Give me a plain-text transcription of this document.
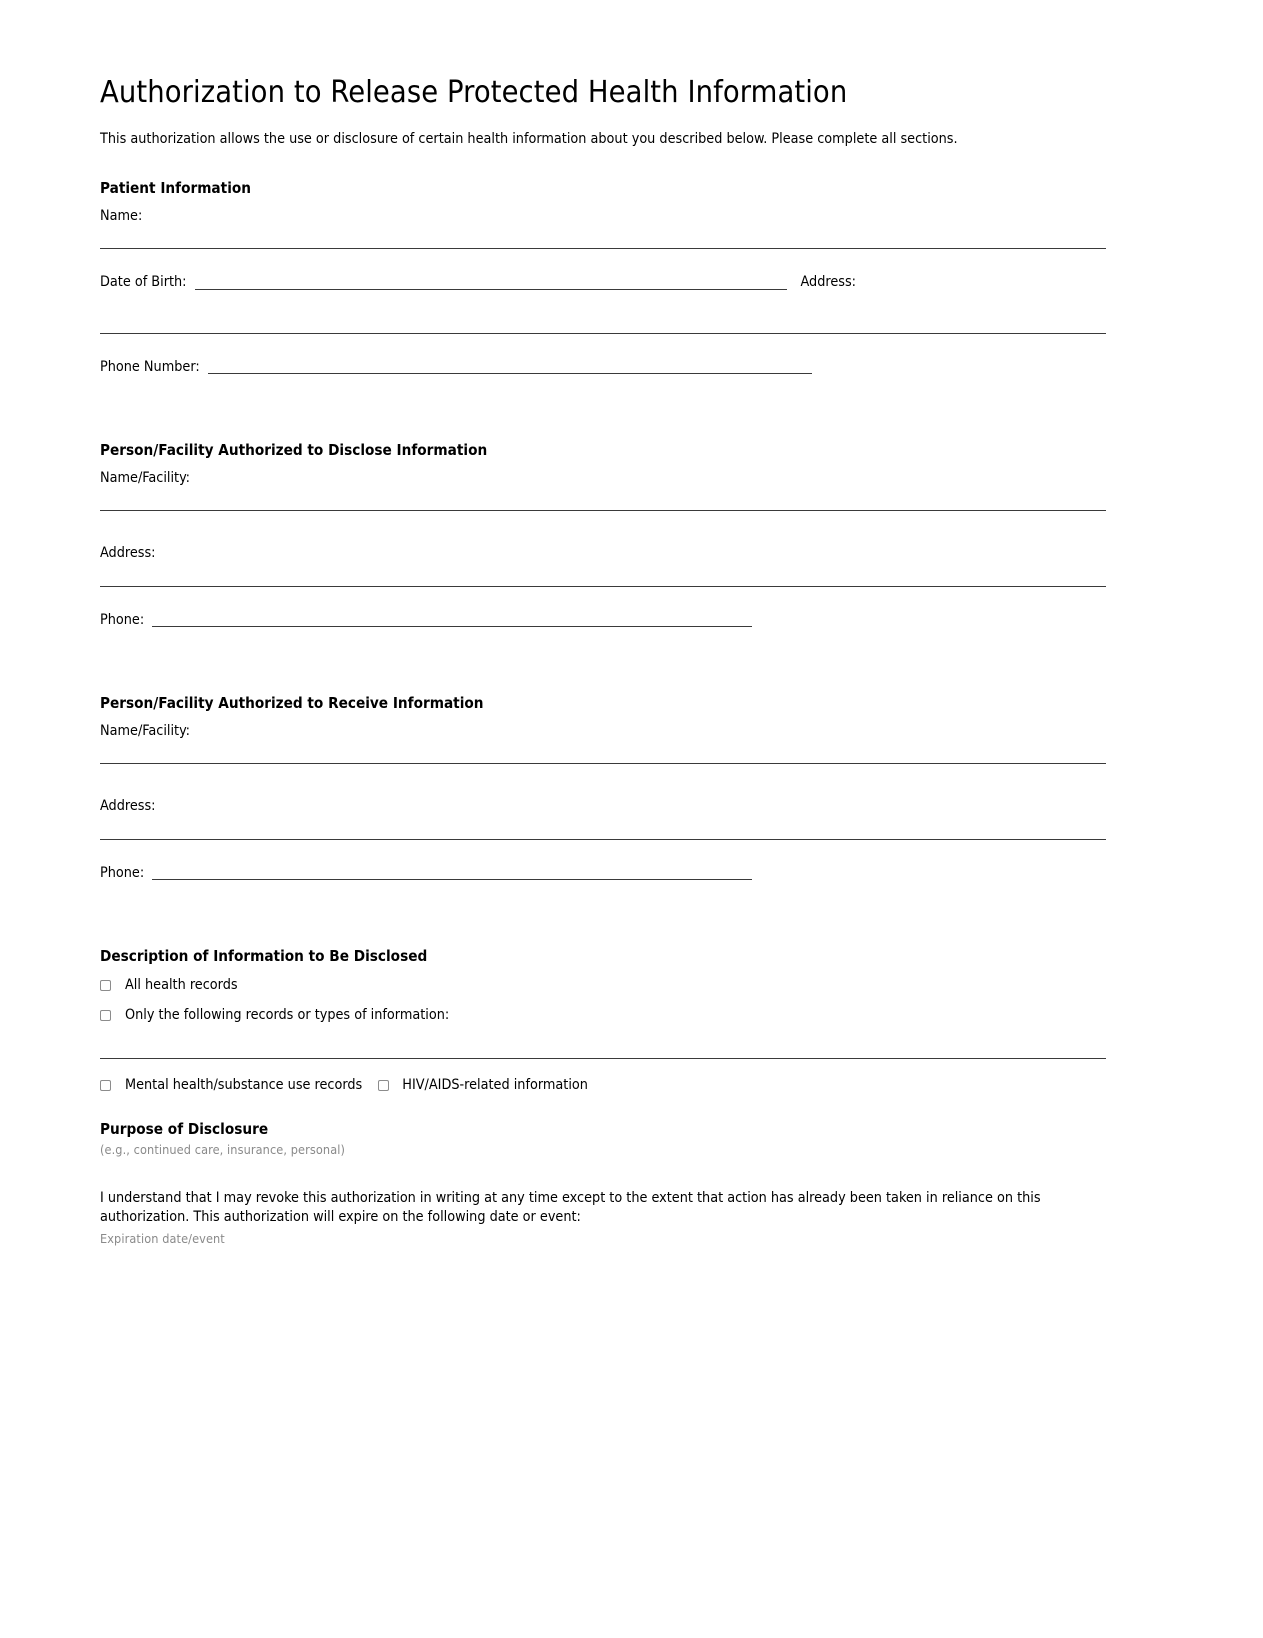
Authorization to Release Protected Health Information

This authorization allows the use or disclosure of certain health information about you described below. Please complete all sections.

Patient Information
Name:
Date of Birth:	Address:
Phone Number:
Person/Facility Authorized to Disclose Information
Name/Facility:
Address:
Phone:
Person/Facility Authorized to Receive Information
Name/Facility:
Address:
Phone:
Description of Information to Be Disclosed
All health records
Only the following records or types of information:
Mental health/substance use records	HIV/AIDS-related information
Purpose of Disclosure
(e.g., continued care, insurance, personal)

I understand that I may revoke this authorization in writing at any time except to the extent that action has already been taken in reliance on this authorization. This authorization will expire on the following date or event:

Expiration date/event
